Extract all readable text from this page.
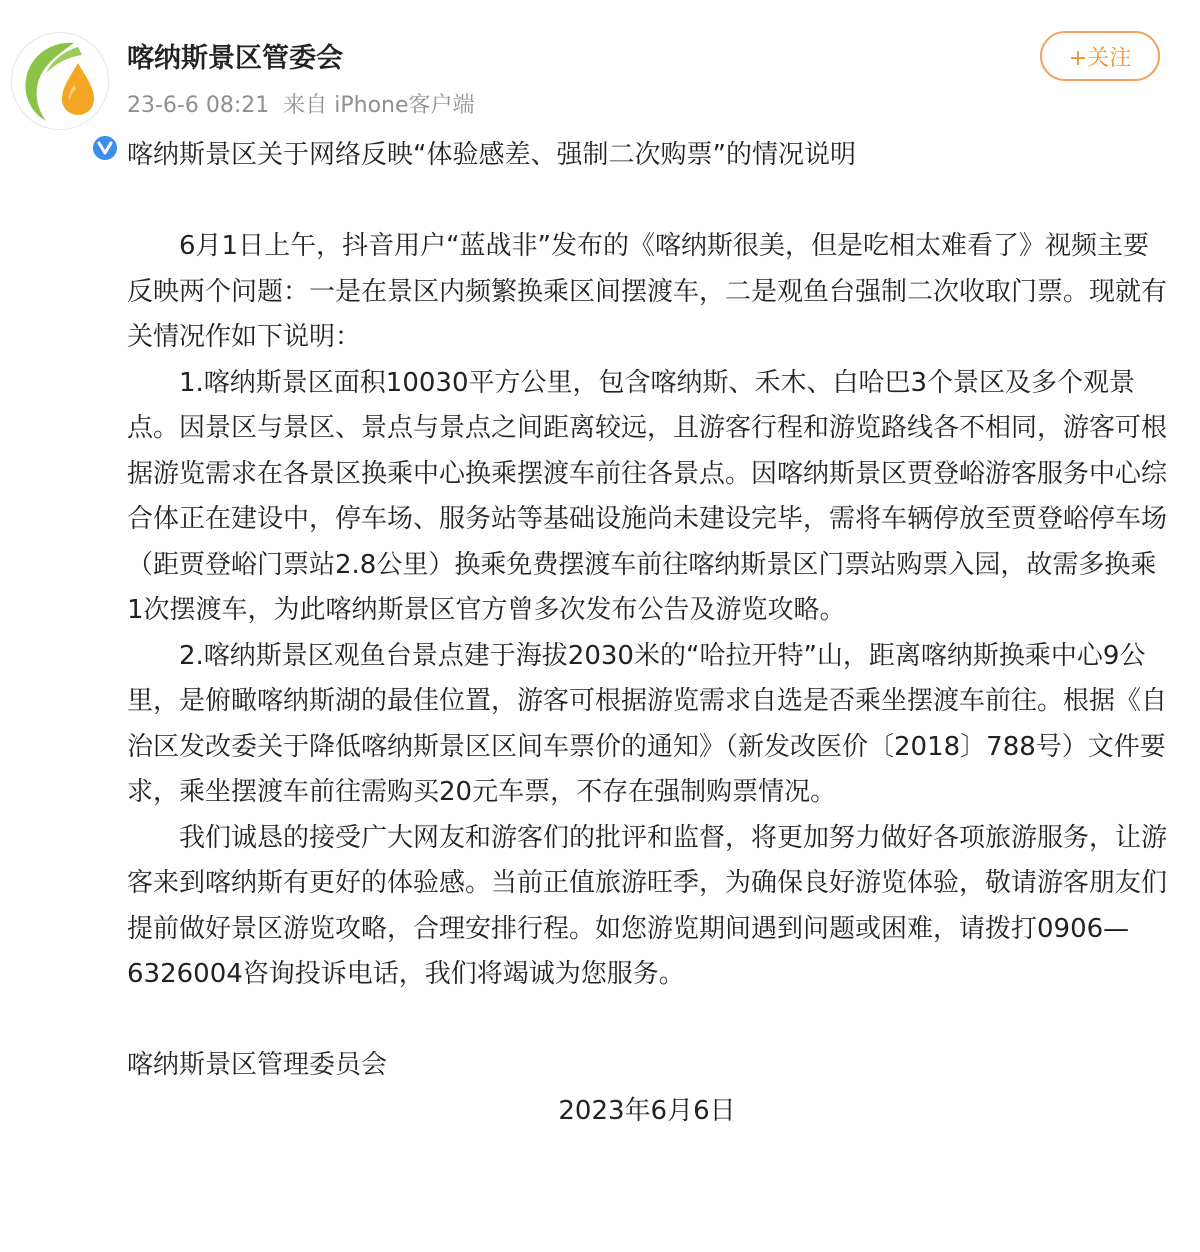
喀纳斯景区管委会
23-6-6 08:21 来自 iPhone客户端
+关注

喀纳斯景区关于网络反映“体验感差、强制二次购票”的情况说明

6月1日上午，抖音用户“蓝战非”发布的《喀纳斯很美，但是吃相太难看了》视频主要反映两个问题：一是在景区内频繁换乘区间摆渡车，二是观鱼台强制二次收取门票。现就有关情况作如下说明：

1.喀纳斯景区面积10030平方公里，包含喀纳斯、禾木、白哈巴3个景区及多个观景点。因景区与景区、景点与景点之间距离较远，且游客行程和游览路线各不相同，游客可根据游览需求在各景区换乘中心换乘摆渡车前往各景点。因喀纳斯景区贾登峪游客服务中心综合体正在建设中，停车场、服务站等基础设施尚未建设完毕，需将车辆停放至贾登峪停车场（距贾登峪门票站2.8公里）换乘免费摆渡车前往喀纳斯景区门票站购票入园，故需多换乘1次摆渡车，为此喀纳斯景区官方曾多次发布公告及游览攻略。

2.喀纳斯景区观鱼台景点建于海拔2030米的“哈拉开特”山，距离喀纳斯换乘中心9公里，是俯瞰喀纳斯湖的最佳位置，游客可根据游览需求自选是否乘坐摆渡车前往。根据《自治区发改委关于降低喀纳斯景区区间车票价的通知》（新发改医价〔2018〕788号）文件要求，乘坐摆渡车前往需购买20元车票，不存在强制购票情况。

我们诚恳的接受广大网友和游客们的批评和监督，将更加努力做好各项旅游服务，让游客来到喀纳斯有更好的体验感。当前正值旅游旺季，为确保良好游览体验，敬请游客朋友们提前做好景区游览攻略，合理安排行程。如您游览期间遇到问题或困难，请拨打0906—6326004咨询投诉电话，我们将竭诚为您服务。

喀纳斯景区管理委员会

2023年6月6日
